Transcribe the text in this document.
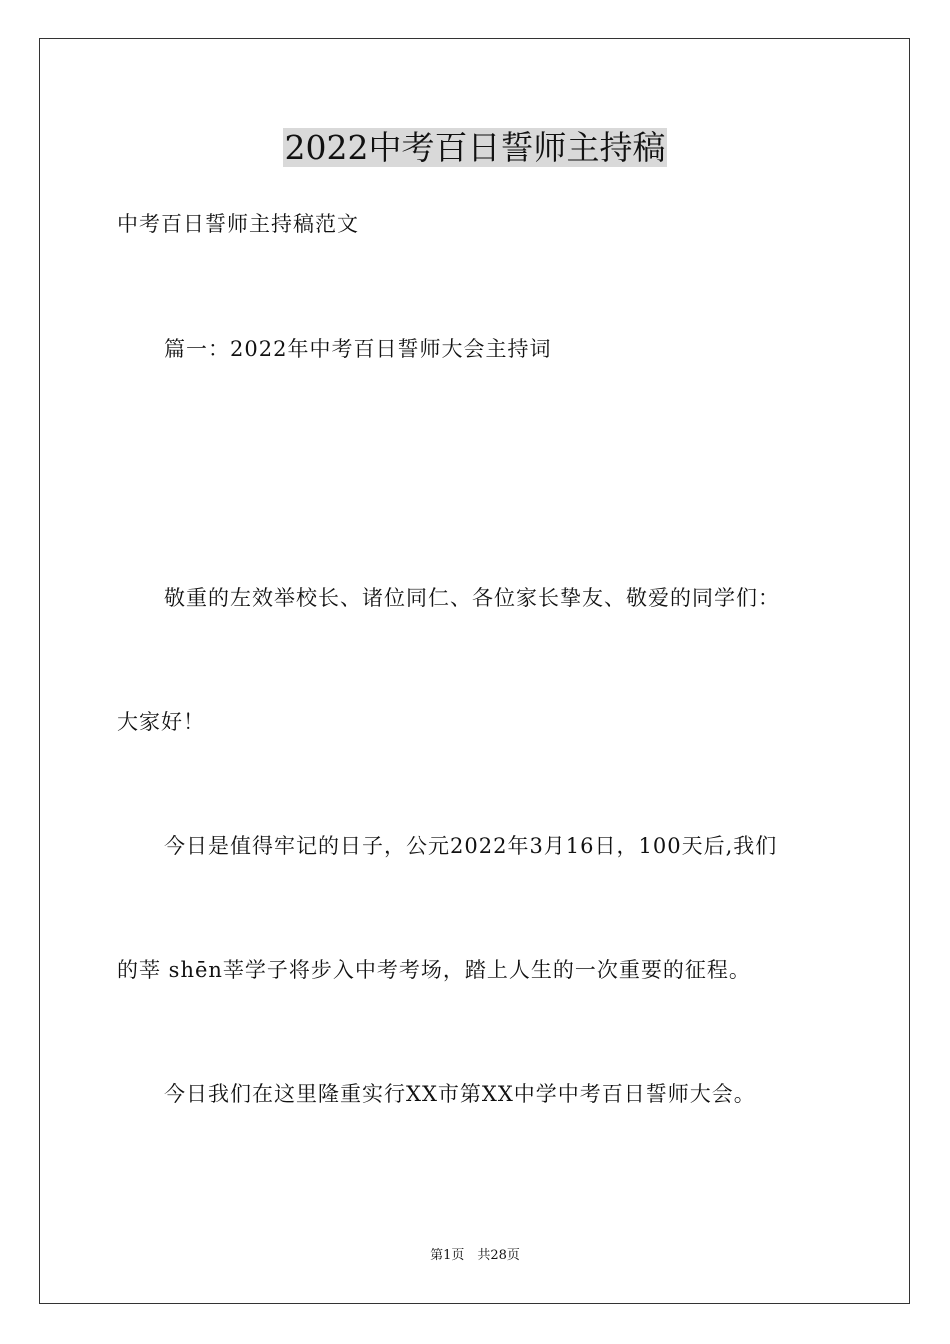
2022中考百日誓师主持稿
中考百日誓师主持稿范文
篇一：2022年中考百日誓师大会主持词
敬重的左效举校长、诸位同仁、各位家长挚友、敬爱的同学们：
大家好！
今日是值得牢记的日子，公元2022年3月16日，100天后,我们
的莘 shēn莘学子将步入中考考场，踏上人生的一次重要的征程。
今日我们在这里隆重实行XX市第XX中学中考百日誓师大会。
第1页　共28页
